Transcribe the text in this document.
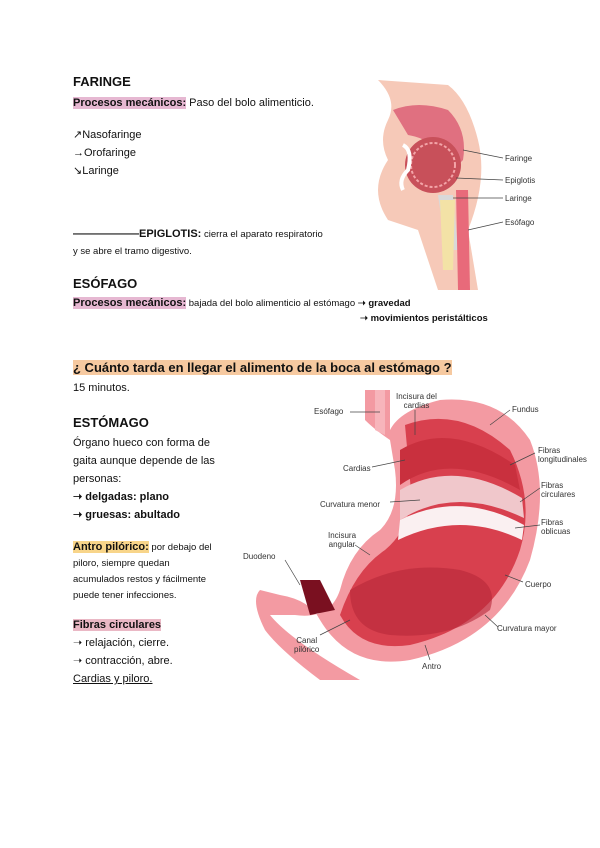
FARINGE
Procesos mecánicos: Paso del bolo alimenticio.
↗Nasofaringe
→Orofaringe
↘Laringe
——————EPIGLOTIS: cierra el aparato respiratorio
y se abre el tramo digestivo.
Faringe
Epiglotis
Laringe
Esófago
ESÓFAGO
Procesos mecánicos: bajada del bolo alimenticio al estómago ➝ gravedad
➝ movimientos peristálticos
¿ Cuánto tarda en llegar el alimento de la boca al estómago ?
15 minutos.
ESTÓMAGO
Órgano hueco con forma de
gaita aunque depende de las
personas:
➝ delgadas: plano
➝ gruesas: abultado
Antro pilórico: por debajo del
piloro, siempre quedan
acumulados restos y fácilmente
puede tener infecciones.
Fibras circulares
➝ relajación, cierre.
➝ contracción, abre.
Cardias y piloro.
Esófago
Incisura del
cardias	Fundus
Cardias
Fibras
longitudinales
Fibras
circulares
Curvatura menor
Fibras
oblicuas
Incisura
angular
Duodeno
Cuerpo
Canal
pilórico
Curvatura mayor
Antro
